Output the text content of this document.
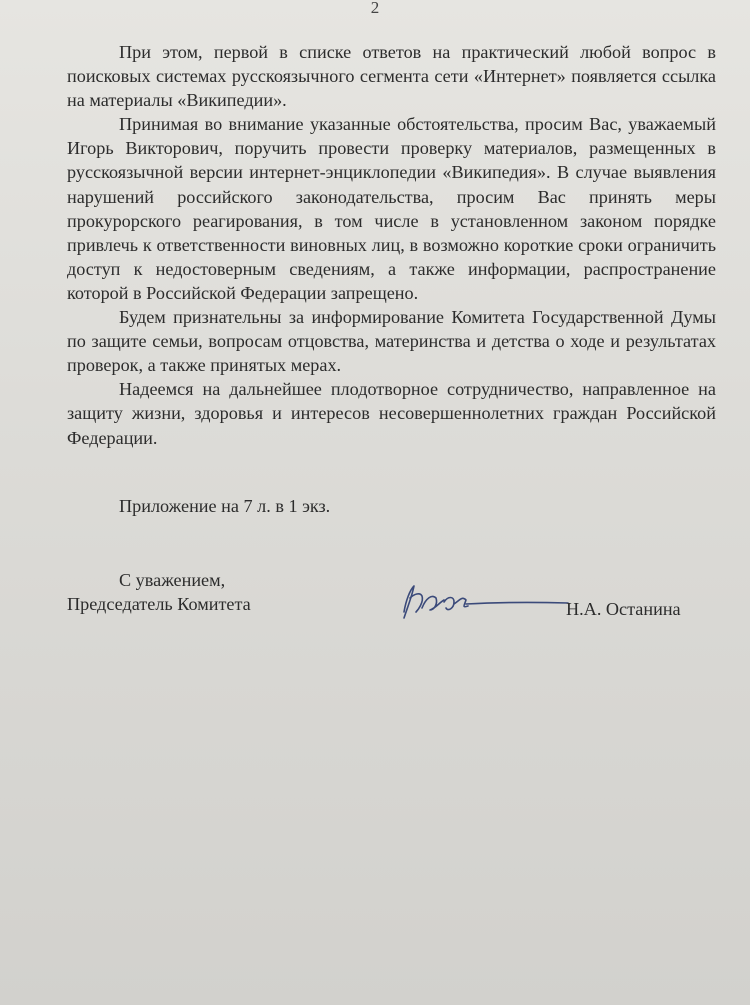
2

При этом, первой в списке ответов на практический любой вопрос в поисковых системах русскоязычного сегмента сети «Интернет» появляется ссылка на материалы «Википедии».

Принимая во внимание указанные обстоятельства, просим Вас, уважаемый Игорь Викторович, поручить провести проверку материалов, размещенных в русскоязычной версии интернет-энциклопедии «Википедия». В случае выявления нарушений российского законодательства, просим Вас принять меры прокурорского реагирования, в том числе в установленном законом порядке привлечь к ответственности виновных лиц, в возможно короткие сроки ограничить доступ к недостоверным сведениям, а также информации, распространение которой в Российской Федерации запрещено.

Будем признательны за информирование Комитета Государственной Думы по защите семьи, вопросам отцовства, материнства и детства о ходе и результатах проверок, а также принятых мерах.

Надеемся на дальнейшее плодотворное сотрудничество, направленное на защиту жизни, здоровья и интересов несовершеннолетних граждан Российской Федерации.

Приложение на 7 л. в 1 экз.
С уважением,
Председатель Комитета	Н.А. Останина
